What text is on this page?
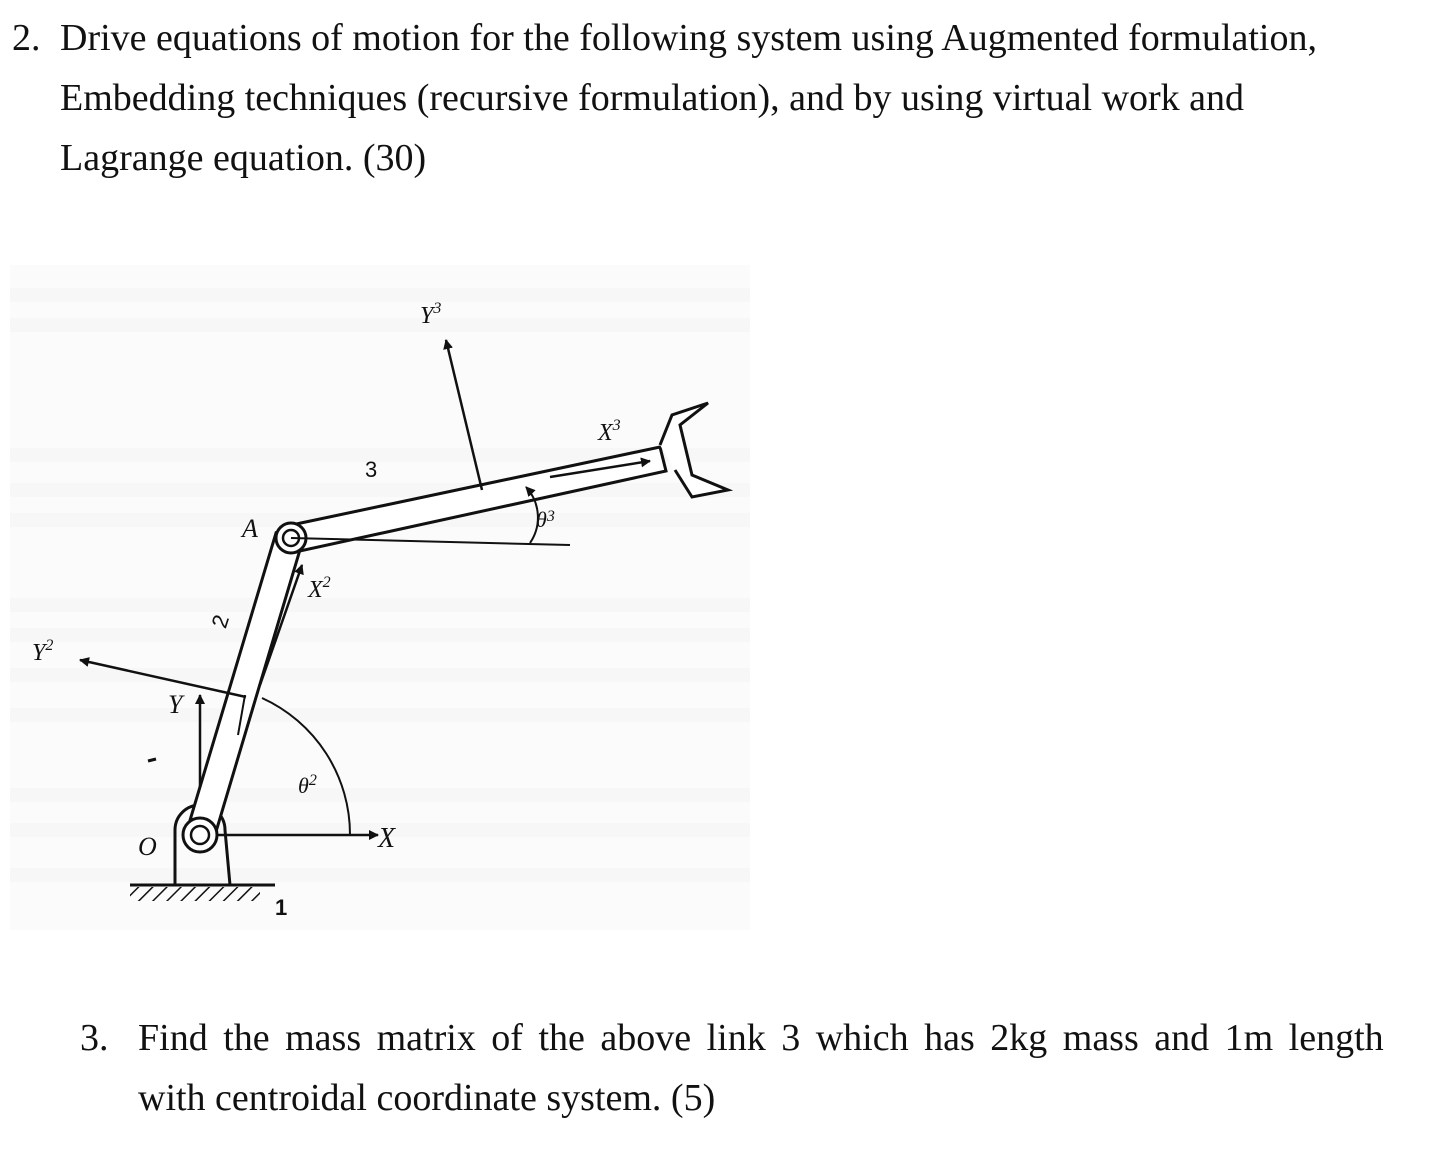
2. Drive equations of motion for the following system using Augmented formulation,
Embedding techniques (recursive formulation), and by using virtual work and
Lagrange equation. (30)
1
X
Y
$\theta^2$
O
$X^2$
$Y^2$
2
A	$\theta^3$
$Y^3$
$X^3$
3
3. Find the mass matrix of the above link 3 which has 2kg mass and 1m length
with centroidal coordinate system. (5)
